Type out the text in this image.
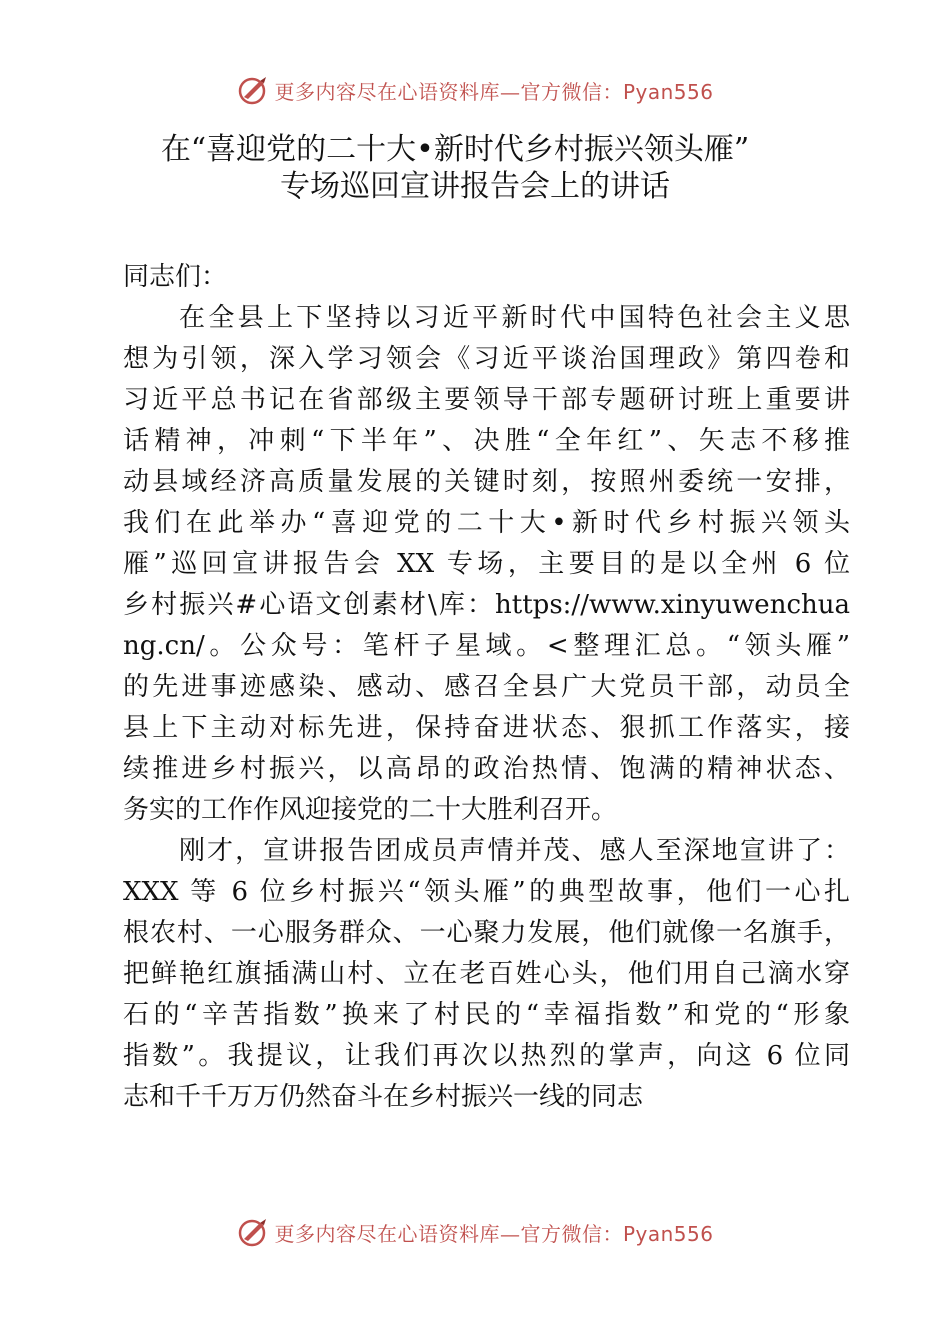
更多内容尽在心语资料库— 官方微信：Pyan556
在“喜迎党的二十大•新时代乡村振兴领头雁”
专场巡回宣讲报告会上的讲话
同志们：
在全县上下坚持以习近平新时代中国特色社会主义思
想为引领，深入学习领会《习近平谈治国理政》第四卷和
习近平总书记在省部级主要领导干部专题研讨班上重要讲
话精神，冲刺“下半年”、决胜“全年红”、矢志不移推
动县域经济高质量发展的关键时刻，按照州委统一安排，
我们在此举办“喜迎党的二十大•新时代乡村振兴领头
雁”巡回宣讲报告会 XX 专场，主要目的是以全州 6 位
乡村振兴#心语文创素材\库：https://www.xinyuwenchua
ng.cn/。公众号：笔杆子星域。<整理汇总。“领头雁”
的先进事迹感染、感动、感召全县广大党员干部，动员全
县上下主动对标先进，保持奋进状态、狠抓工作落实，接
续推进乡村振兴，以高昂的政治热情、饱满的精神状态、
务实的工作作风迎接党的二十大胜利召开。
刚才，宣讲报告团成员声情并茂、感人至深地宣讲了：
XXX 等 6 位乡村振兴“领头雁”的典型故事，他们一心扎
根农村、一心服务群众、一心聚力发展，他们就像一名旗手，
把鲜艳红旗插满山村、立在老百姓心头，他们用自己滴水穿
石的“辛苦指数”换来了村民的“幸福指数”和党的“形象
指数”。我提议，让我们再次以热烈的掌声，向这 6 位同
志和千千万万仍然奋斗在乡村振兴一线的同志
更多内容尽在心语资料库— 官方微信：Pyan556
